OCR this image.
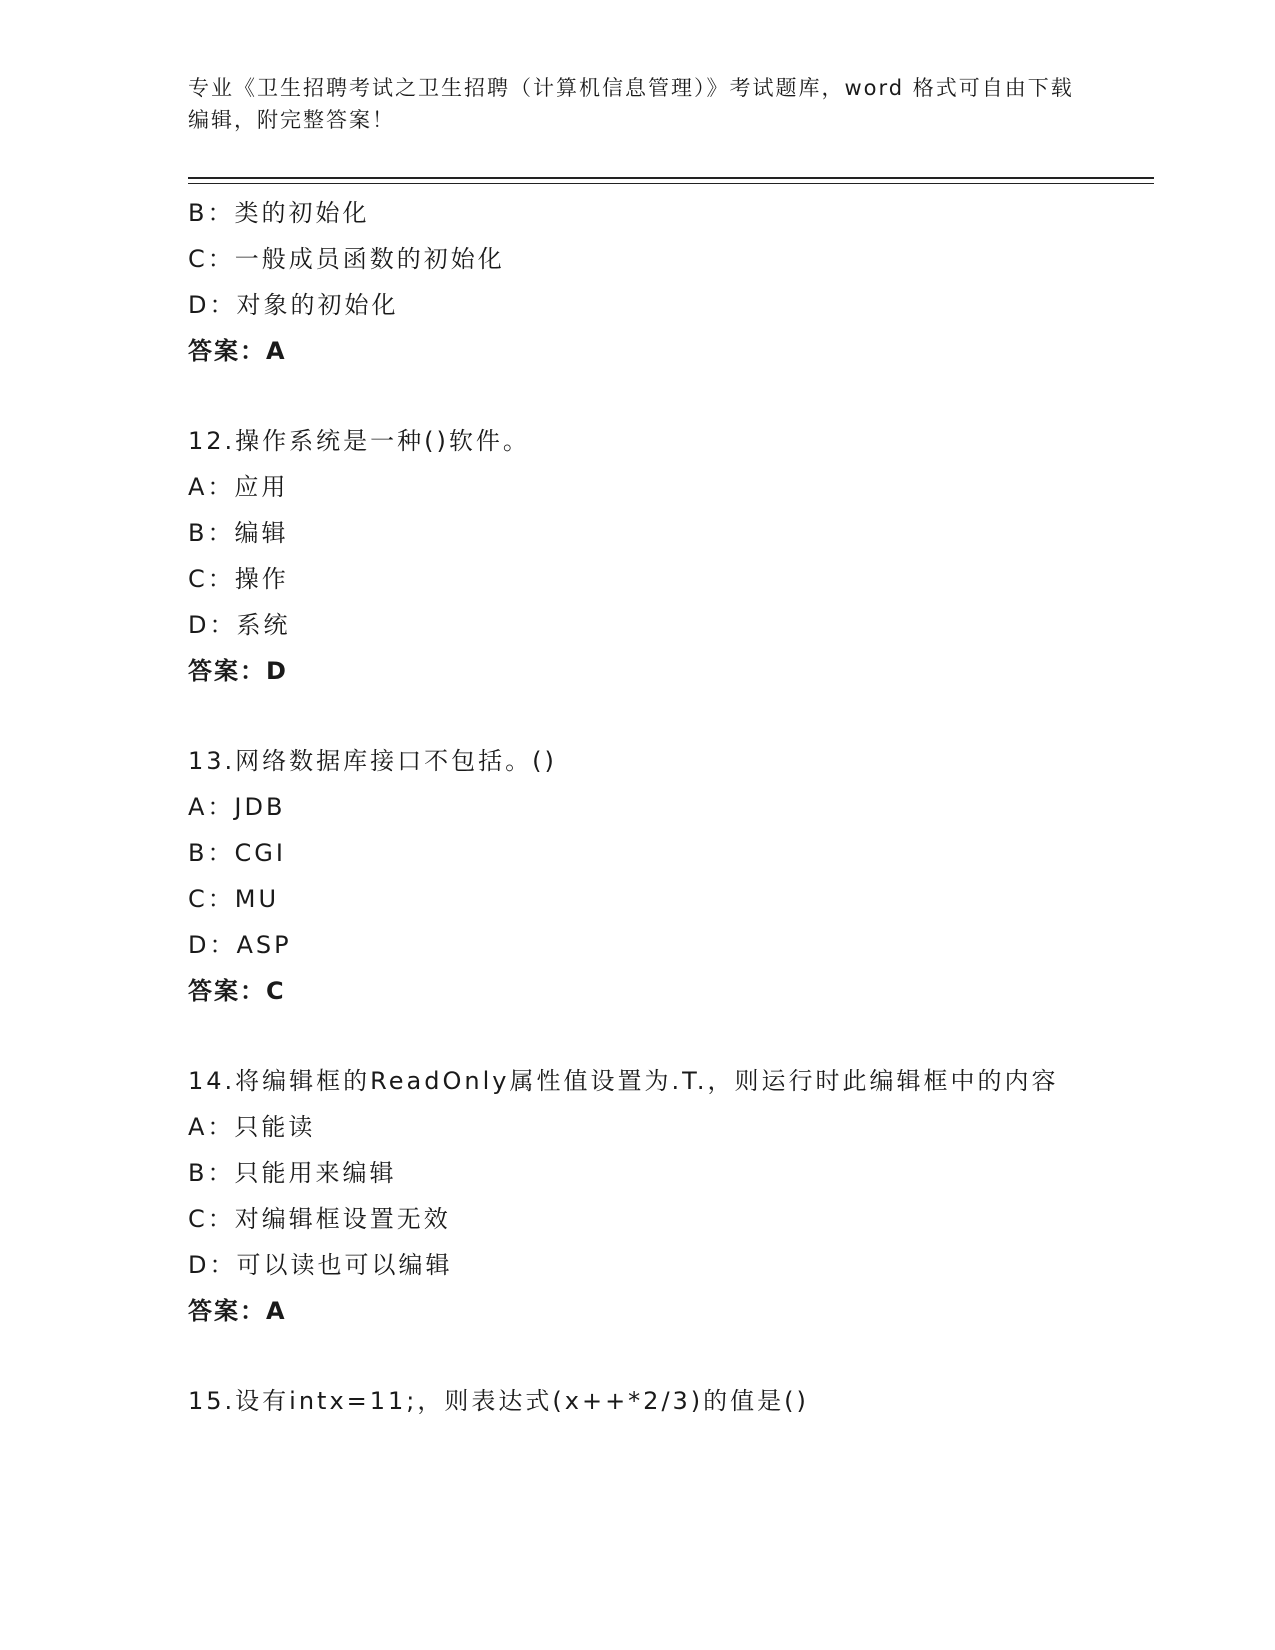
专业《卫生招聘考试之卫生招聘（计算机信息管理）》考试题库，word 格式可自由下载编辑，附完整答案！
B：类的初始化
C：一般成员函数的初始化
D：对象的初始化
答案：A
12.操作系统是一种()软件。
A：应用
B：编辑
C：操作
D：系统
答案：D
13.网络数据库接口不包括。()
A：JDB
B：CGI
C：MU
D：ASP
答案：C
14.将编辑框的ReadOnly属性值设置为.T.，则运行时此编辑框中的内容
A：只能读
B：只能用来编辑
C：对编辑框设置无效
D：可以读也可以编辑
答案：A
15.设有intx=11;，则表达式(x++*2/3)的值是()
